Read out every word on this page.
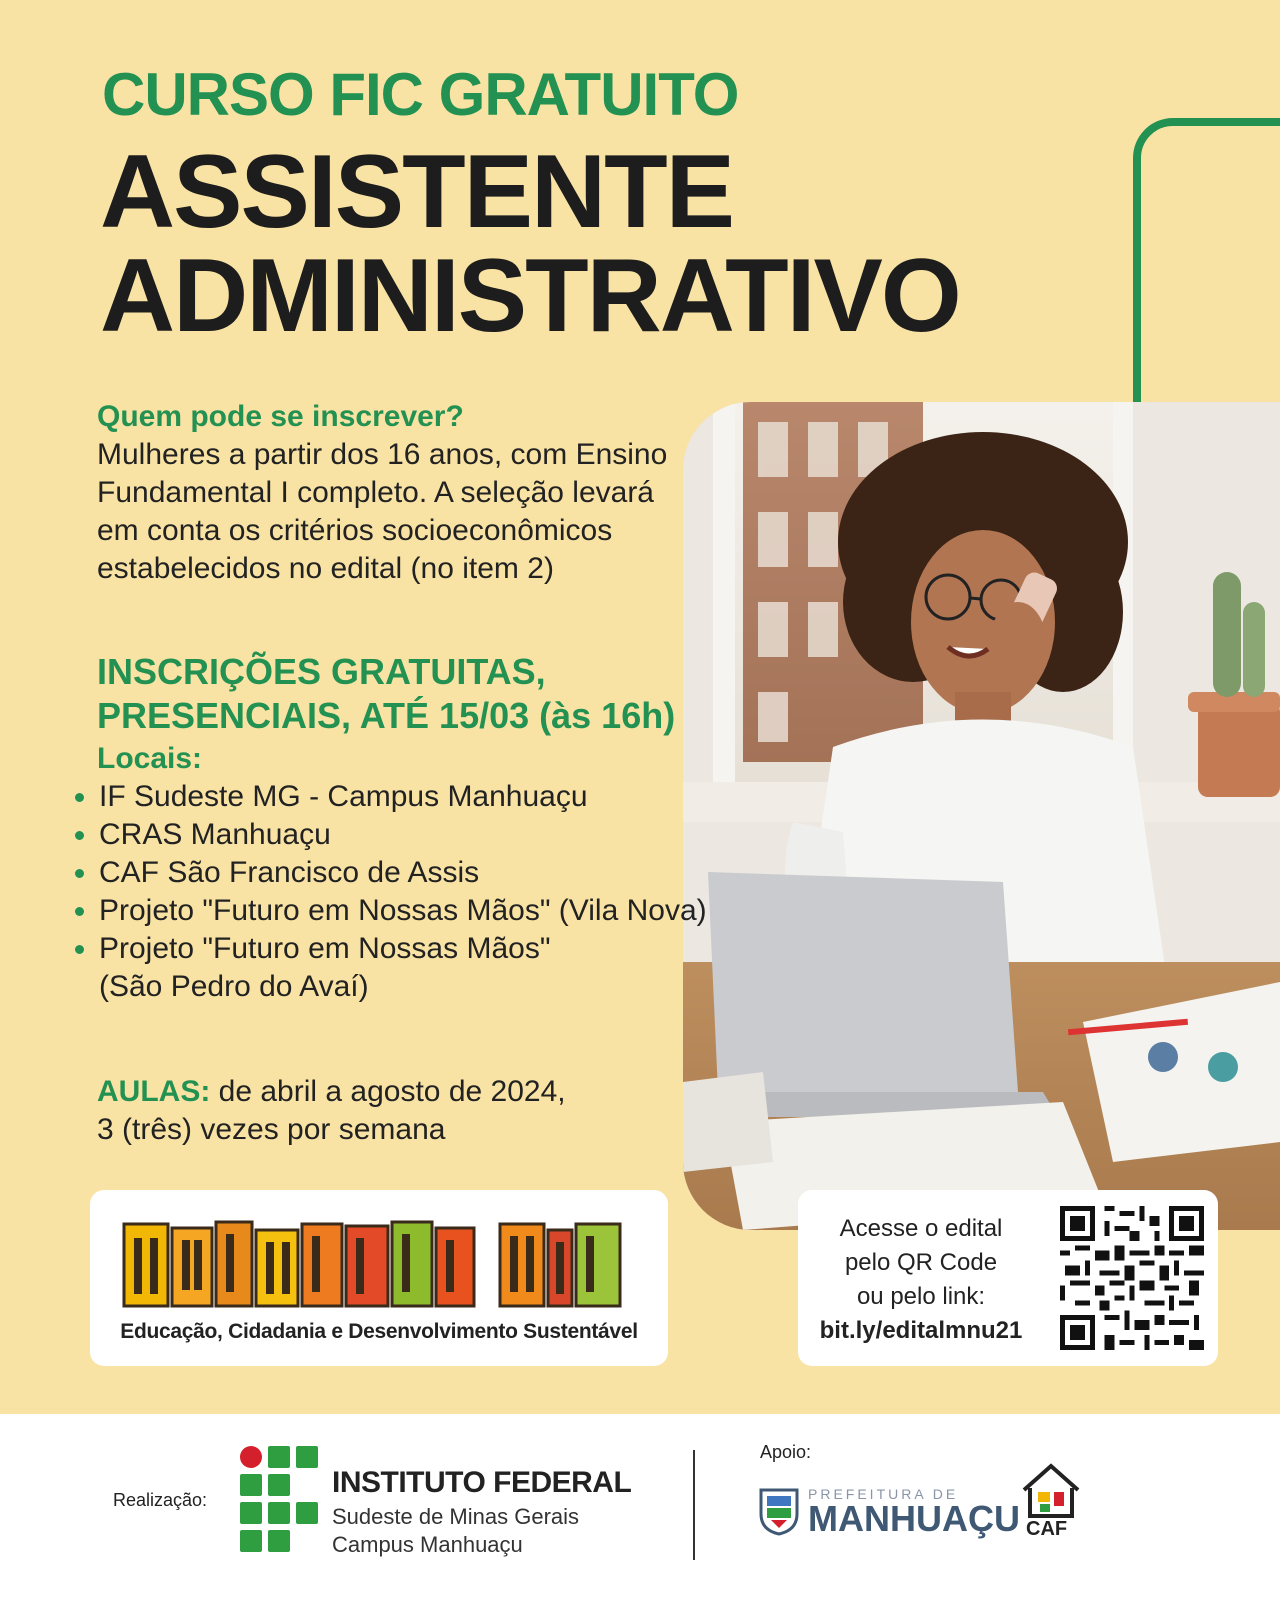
CURSO FIC GRATUITO
ASSISTENTE
ADMINISTRATIVO
Quem pode se inscrever?
Mulheres a partir dos 16 anos, com Ensino
Fundamental I completo. A seleção levará
em conta os critérios socioeconômicos
estabelecidos no edital (no item 2)
INSCRIÇÕES GRATUITAS,
PRESENCIAIS, ATÉ 15/03 (às 16h)
Locais:
IF Sudeste MG - Campus Manhuaçu
CRAS Manhuaçu
CAF São Francisco de Assis
Projeto "Futuro em Nossas Mãos" (Vila Nova)
Projeto "Futuro em Nossas Mãos"
(São Pedro do Avaí)
AULAS: de abril a agosto de 2024,
3 (três) vezes por semana
Educação, Cidadania e Desenvolvimento Sustentável
Acesse o edital
pelo QR Code
ou pelo link:
bit.ly/editalmnu21
Realização:
INSTITUTO FEDERAL
Sudeste de Minas Gerais
Campus Manhuaçu
Apoio:
PREFEITURA DE
MANHUAÇU CAF
